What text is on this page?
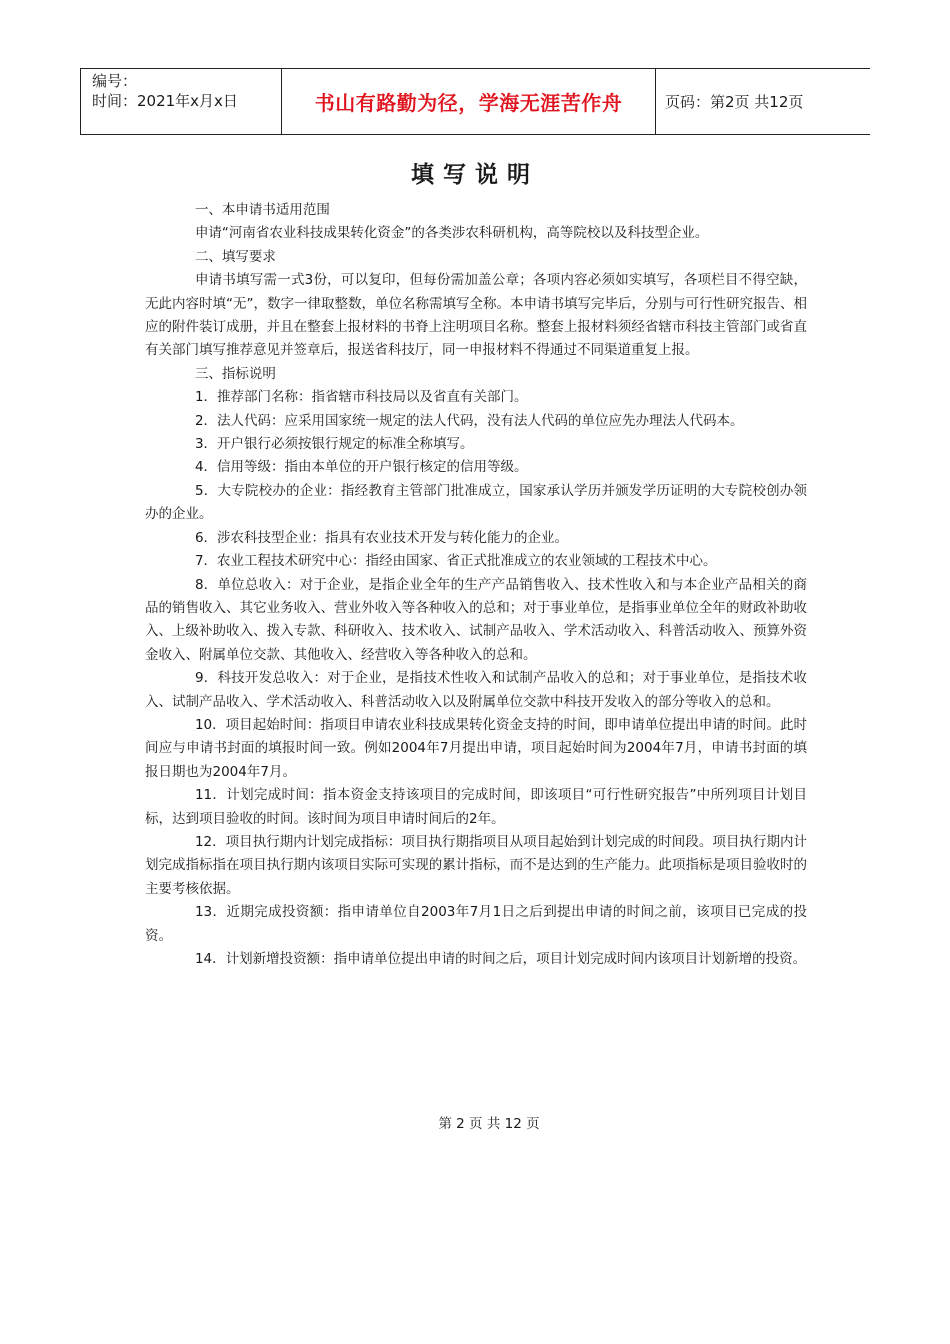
编号：
时间：2021年x月x日	书山有路勤为径，学海无涯苦作舟	页码：第2页 共12页
填写说明

一、本申请书适用范围

申请“河南省农业科技成果转化资金”的各类涉农科研机构，高等院校以及科技型企业。

二、填写要求

申请书填写需一式3份，可以复印，但每份需加盖公章；各项内容必须如实填写，各项栏目不得空缺，无此内容时填“无”，数字一律取整数，单位名称需填写全称。本申请书填写完毕后，分别与可行性研究报告、相应的附件装订成册，并且在整套上报材料的书脊上注明项目名称。整套上报材料须经省辖市科技主管部门或省直有关部门填写推荐意见并签章后，报送省科技厅，同一申报材料不得通过不同渠道重复上报。

三、指标说明

1．推荐部门名称：指省辖市科技局以及省直有关部门。

2．法人代码：应采用国家统一规定的法人代码，没有法人代码的单位应先办理法人代码本。

3．开户银行必须按银行规定的标准全称填写。

4．信用等级：指由本单位的开户银行核定的信用等级。

5．大专院校办的企业：指经教育主管部门批准成立，国家承认学历并颁发学历证明的大专院校创办领办的企业。

6．涉农科技型企业：指具有农业技术开发与转化能力的企业。

7．农业工程技术研究中心：指经由国家、省正式批准成立的农业领域的工程技术中心。

8．单位总收入：对于企业，是指企业全年的生产产品销售收入、技术性收入和与本企业产品相关的商品的销售收入、其它业务收入、营业外收入等各种收入的总和；对于事业单位，是指事业单位全年的财政补助收入、上级补助收入、拨入专款、科研收入、技术收入、试制产品收入、学术活动收入、科普活动收入、预算外资金收入、附属单位交款、其他收入、经营收入等各种收入的总和。

9．科技开发总收入：对于企业，是指技术性收入和试制产品收入的总和；对于事业单位，是指技术收入、试制产品收入、学术活动收入、科普活动收入以及附属单位交款中科技开发收入的部分等收入的总和。

10．项目起始时间：指项目申请农业科技成果转化资金支持的时间，即申请单位提出申请的时间。此时间应与申请书封面的填报时间一致。例如2004年7月提出申请，项目起始时间为2004年7月，申请书封面的填报日期也为2004年7月。

11．计划完成时间：指本资金支持该项目的完成时间，即该项目“可行性研究报告”中所列项目计划目标，达到项目验收的时间。该时间为项目申请时间后的2年。

12．项目执行期内计划完成指标：项目执行期指项目从项目起始到计划完成的时间段。项目执行期内计划完成指标指在项目执行期内该项目实际可实现的累计指标，而不是达到的生产能力。此项指标是项目验收时的主要考核依据。

13．近期完成投资额：指申请单位自2003年7月1日之后到提出申请的时间之前，该项目已完成的投资。

14．计划新增投资额：指申请单位提出申请的时间之后，项目计划完成时间内该项目计划新增的投资。

第 2 页 共 12 页
